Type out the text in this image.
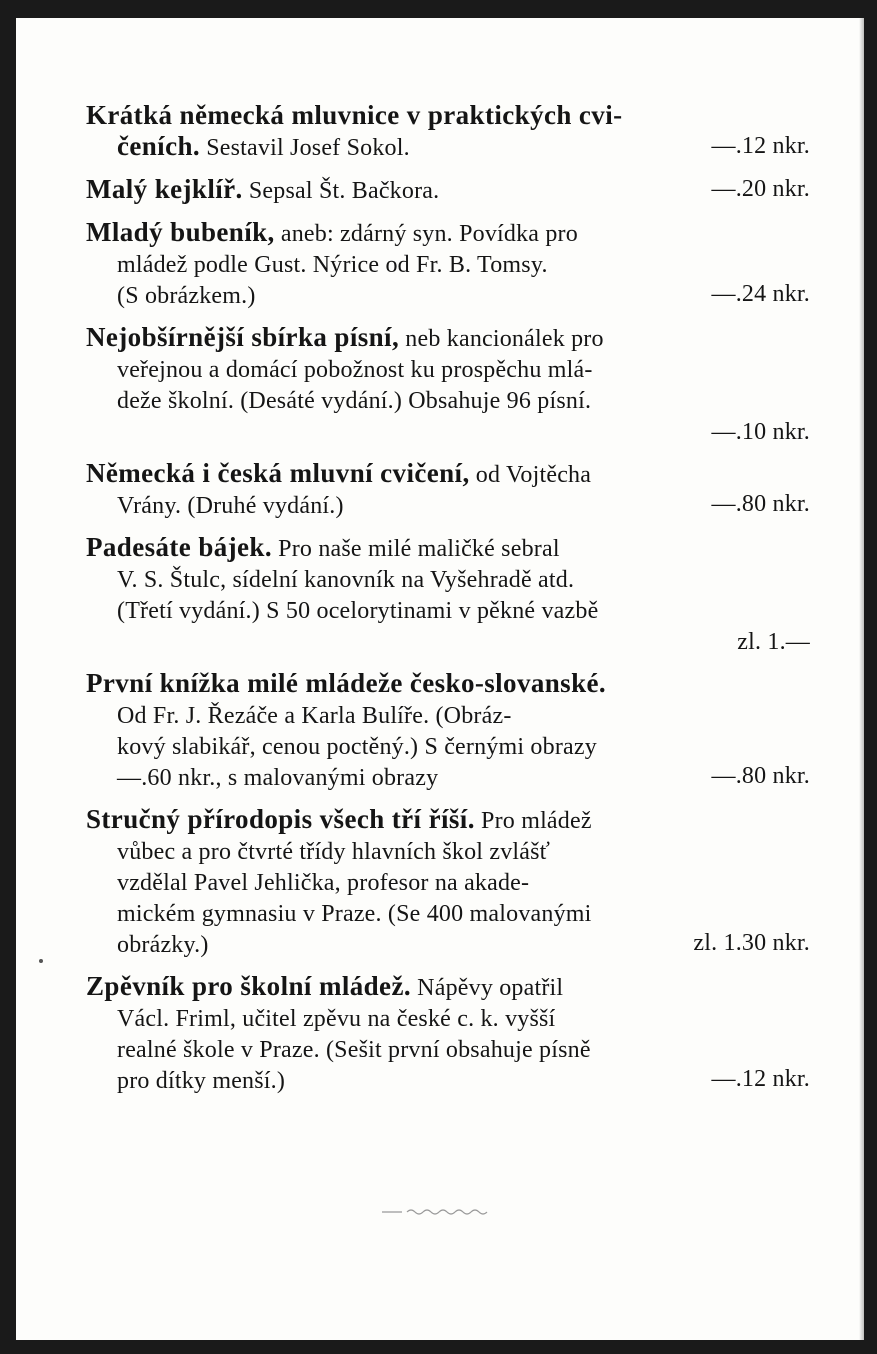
Krátká německá mluvnice v praktických cvi-
čeních. Sestavil Josef Sokol.	—.12 nkr.
Malý kejklíř. Sepsal Št. Bačkora.	—.20 nkr.
Mladý bubeník, aneb: zdárný syn. Povídka pro
mládež podle Gust. Nýrice od Fr. B. Tomsy.
(S obrázkem.)	—.24 nkr.
Nejobšírnější sbírka písní, neb kancionálek pro
veřejnou a domácí pobožnost ku prospěchu mlá-
deže školní. (Desáté vydání.) Obsahuje 96 písní.
—.10 nkr.
Německá i česká mluvní cvičení, od Vojtěcha
Vrány. (Druhé vydání.)	—.80 nkr.
Padesáte bájek. Pro naše milé maličké sebral
V. S. Štulc, sídelní kanovník na Vyšehradě atd.
(Třetí vydání.) S 50 ocelorytinami v pěkné vazbě
zl. 1.—
První knížka milé mládeže česko-slovanské.
Od Fr. J. Řezáče a Karla Bulíře. (Obráz-
kový slabikář, cenou poctěný.) S černými obrazy
—.60 nkr., s malovanými obrazy	—.80 nkr.
Stručný přírodopis všech tří říší. Pro mládež
vůbec a pro čtvrté třídy hlavních škol zvlášť
vzdělal Pavel Jehlička, profesor na akade-
mickém gymnasiu v Praze. (Se 400 malovanými
obrázky.)	zl. 1.30 nkr.
Zpěvník pro školní mládež. Nápěvy opatřil
Václ. Friml, učitel zpěvu na české c. k. vyšší
realné škole v Praze. (Sešit první obsahuje písně
pro dítky menší.)	—.12 nkr.
